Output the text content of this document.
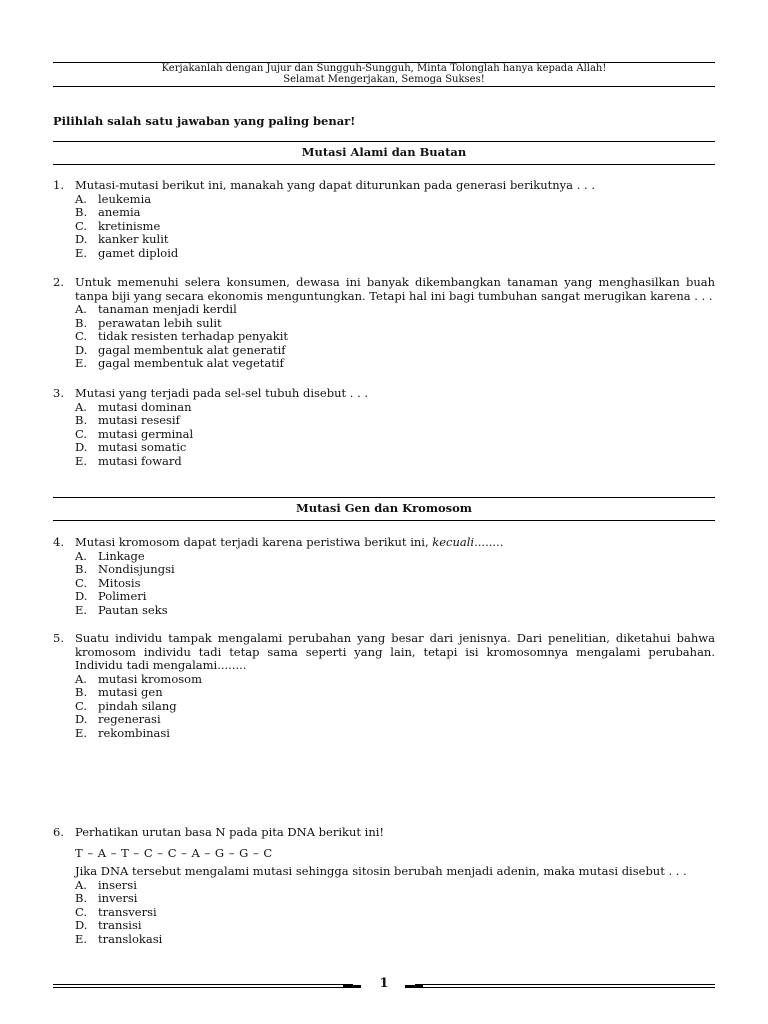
Kerjakanlah dengan Jujur dan Sungguh-Sungguh, Minta Tolonglah hanya kepada Allah!
Selamat Mengerjakan, Semoga Sukses!
Pilihlah salah satu jawaban yang paling benar!
Mutasi Alami dan Buatan
1. Mutasi-mutasi berikut ini, manakah yang dapat diturunkan pada generasi berikutnya . . .
A. leukemia
B. anemia
C. kretinisme
D. kanker kulit
E. gamet diploid
2. Untuk memenuhi selera konsumen, dewasa ini banyak dikembangkan tanaman yang menghasilkan buah tanpa biji yang secara ekonomis menguntungkan. Tetapi hal ini bagi tumbuhan sangat merugikan karena . . .
A. tanaman menjadi kerdil
B. perawatan lebih sulit
C. tidak resisten terhadap penyakit
D. gagal membentuk alat generatif
E. gagal membentuk alat vegetatif
3. Mutasi yang terjadi pada sel-sel tubuh disebut . . .
A. mutasi dominan
B. mutasi resesif
C. mutasi germinal
D. mutasi somatic
E. mutasi foward
Mutasi Gen dan Kromosom
4. Mutasi kromosom dapat terjadi karena peristiwa berikut ini, kecuali........
A. Linkage
B. Nondisjungsi
C. Mitosis
D. Polimeri
E. Pautan seks
5. Suatu individu tampak mengalami perubahan yang besar dari jenisnya. Dari penelitian, diketahui bahwa kromosom individu tadi tetap sama seperti yang lain, tetapi isi kromosomnya mengalami perubahan. Individu tadi mengalami........
A. mutasi kromosom
B. mutasi gen
C. pindah silang
D. regenerasi
E. rekombinasi
6. Perhatikan urutan basa N pada pita DNA berikut ini!
T – A – T – C – C – A – G – G – C
Jika DNA tersebut mengalami mutasi sehingga sitosin berubah menjadi adenin, maka mutasi disebut . . .
A. insersi
B. inversi
C. transversi
D. transisi
E. translokasi
1
